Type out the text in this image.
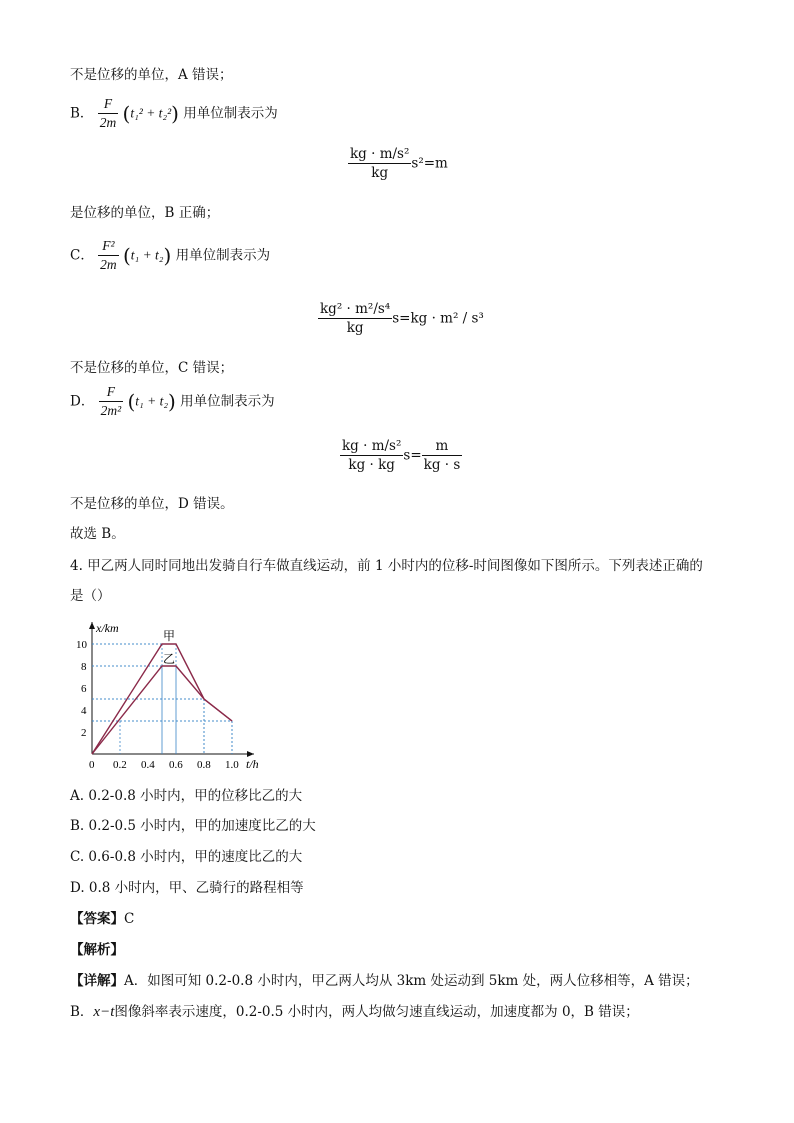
不是位移的单位，A 错误；
B． $\frac{F}{2m} (t_1^2 + t_2^2)$ 用单位制表示为
$\frac{\text{kg · m/s²}}{kg} s^2=m$
是位移的单位，B 正确；
C． $\frac{\text{F²}}{2m} (t_1 + t_2)$ 用单位制表示为
$\frac{\text{kg² · m²/s⁴}}{kg} s=kg \cdot m^2 / s^3$
不是位移的单位，C 错误；
D． $\frac{F}{\text{2m²}} (t_1 + t_2)$ 用单位制表示为
$\frac{\text{kg · m/s²}}{kg \cdot kg} s= \frac{m}{kg \cdot s}$
不是位移的单位，D 错误。
故选 B。
4. 甲乙两人同时同地出发骑自行车做直线运动，前 1 小时内的位移-时间图像如下图所示。下列表述正确的
是（）
甲
乙
0 0.2 0.4 0.6 0.8 1.0
2
4
6
8
10
x/km
t/h
A. 0.2-0.8 小时内，甲的位移比乙的大
B. 0.2-0.5 小时内，甲的加速度比乙的大
C. 0.6-0.8 小时内，甲的速度比乙的大
D. 0.8 小时内，甲、乙骑行的路程相等
【答案】C
【解析】
【详解】A．如图可知 0.2-0.8 小时内，甲乙两人均从 3km 处运动到 5km 处，两人位移相等，A 错误；
B．x−t图像斜率表示速度，0.2-0.5 小时内，两人均做匀速直线运动，加速度都为 0，B 错误；
